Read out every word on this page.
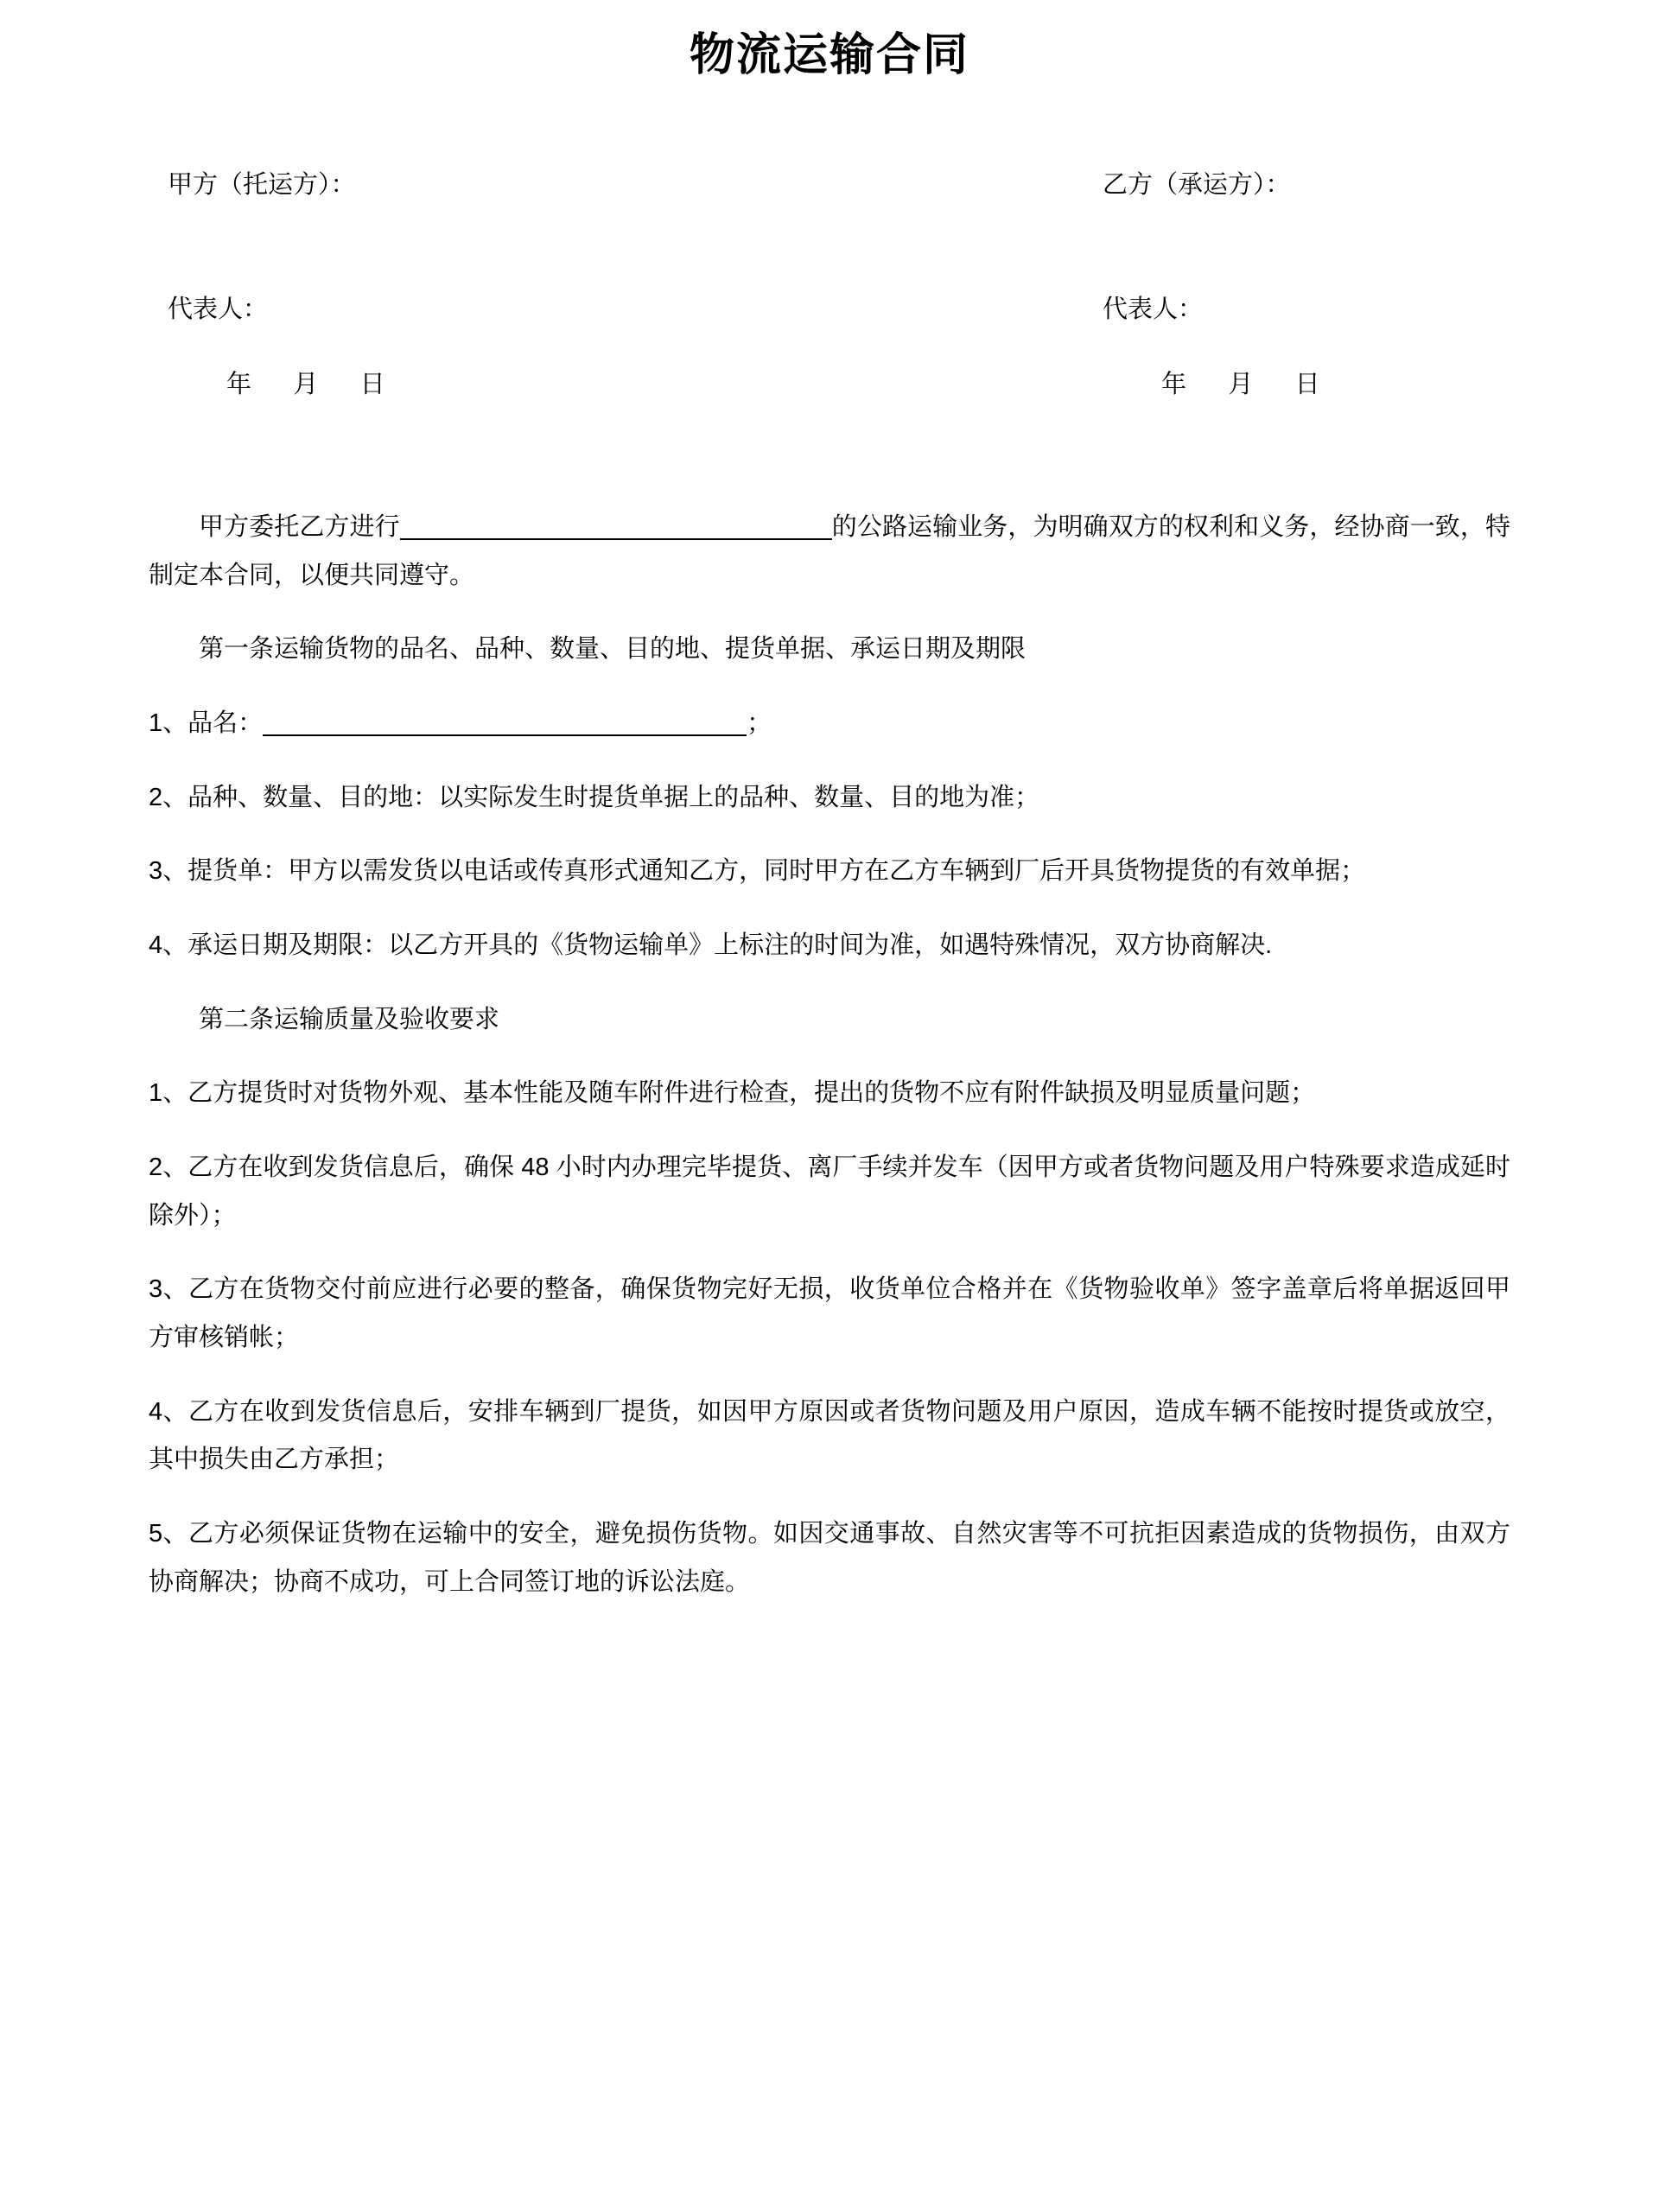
物流运输合同
甲方（托运方）：	乙方（承运方）：
代表人：	代表人：
年      月      日	年      月      日

甲方委托乙方进行	的公路运输业务，为明确双方的权利和义务，经协商一致，特制定本合同，以便共同遵守。

第一条运输货物的品名、品种、数量、目的地、提货单据、承运日期及期限

1、品名：	；

2、品种、数量、目的地：以实际发生时提货单据上的品种、数量、目的地为准；

3、提货单：甲方以需发货以电话或传真形式通知乙方，同时甲方在乙方车辆到厂后开具货物提货的有效单据；

4、承运日期及期限：以乙方开具的《货物运输单》上标注的时间为准，如遇特殊情况，双方协商解决.

第二条运输质量及验收要求

1、乙方提货时对货物外观、基本性能及随车附件进行检查，提出的货物不应有附件缺损及明显质量问题；

2、乙方在收到发货信息后，确保 48 小时内办理完毕提货、离厂手续并发车（因甲方或者货物问题及用户特殊要求造成延时除外）；

3、乙方在货物交付前应进行必要的整备，确保货物完好无损，收货单位合格并在《货物验收单》签字盖章后将单据返回甲方审核销帐；

4、乙方在收到发货信息后，安排车辆到厂提货，如因甲方原因或者货物问题及用户原因，造成车辆不能按时提货或放空，其中损失由乙方承担；

5、乙方必须保证货物在运输中的安全，避免损伤货物。如因交通事故、自然灾害等不可抗拒因素造成的货物损伤，由双方协商解决；协商不成功，可上合同签订地的诉讼法庭。
